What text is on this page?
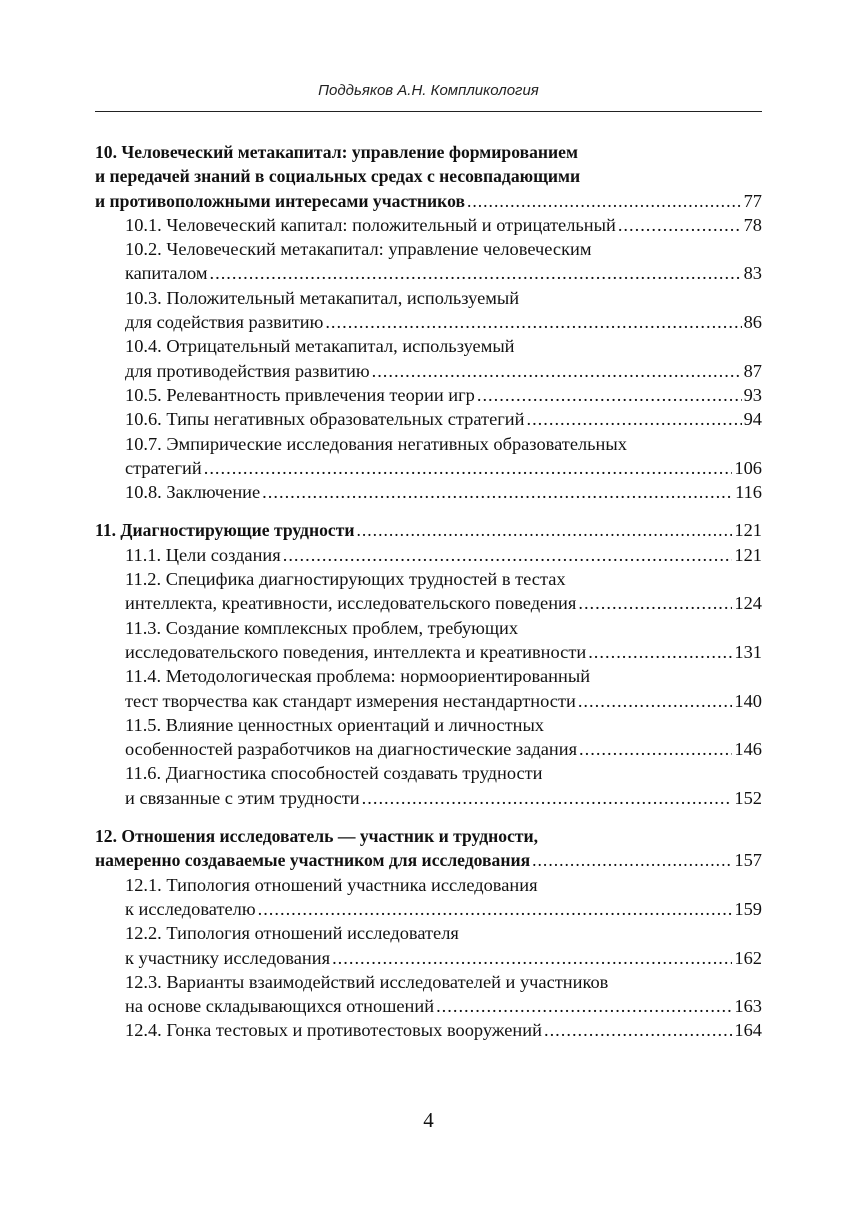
Поддьяков А.Н. Компликология
10. Человеческий метакапитал: управление формированием
и передачей знаний в социальных средах с несовпадающими
и противоположными интересами участников .....	77
10.1. Человеческий капитал: положительный и отрицательный .....	78
10.2. Человеческий метакапитал: управление человеческим
капиталом .....	83
10.3. Положительный метакапитал, используемый
для содействия развитию .....	86
10.4. Отрицательный метакапитал, используемый
для противодействия развитию .....	87
10.5. Релевантность привлечения теории игр .....	93
10.6. Типы негативных образовательных стратегий .....	94
10.7. Эмпирические исследования негативных образовательных
стратегий .....	106
10.8. Заключение .....	116
11. Диагностирующие трудности .....	121
11.1. Цели создания .....	121
11.2. Специфика диагностирующих трудностей в тестах
интеллекта, креативности, исследовательского поведения .....	124
11.3. Создание комплексных проблем, требующих
исследовательского поведения, интеллекта и креативности .....	131
11.4. Методологическая проблема: нормоориентированный
тест творчества как стандарт измерения нестандартности .....	140
11.5. Влияние ценностных ориентаций и личностных
особенностей разработчиков на диагностические задания .....	146
11.6. Диагностика способностей создавать трудности
и связанные с этим трудности .....	152
12. Отношения исследователь — участник и трудности,
намеренно создаваемые участником для исследования .....	157
12.1. Типология отношений участника исследования
к исследователю .....	159
12.2. Типология отношений исследователя
к участнику исследования .....	162
12.3. Варианты взаимодействий исследователей и участников
на основе складывающихся отношений .....	163
12.4. Гонка тестовых и противотестовых вооружений .....	164
4
